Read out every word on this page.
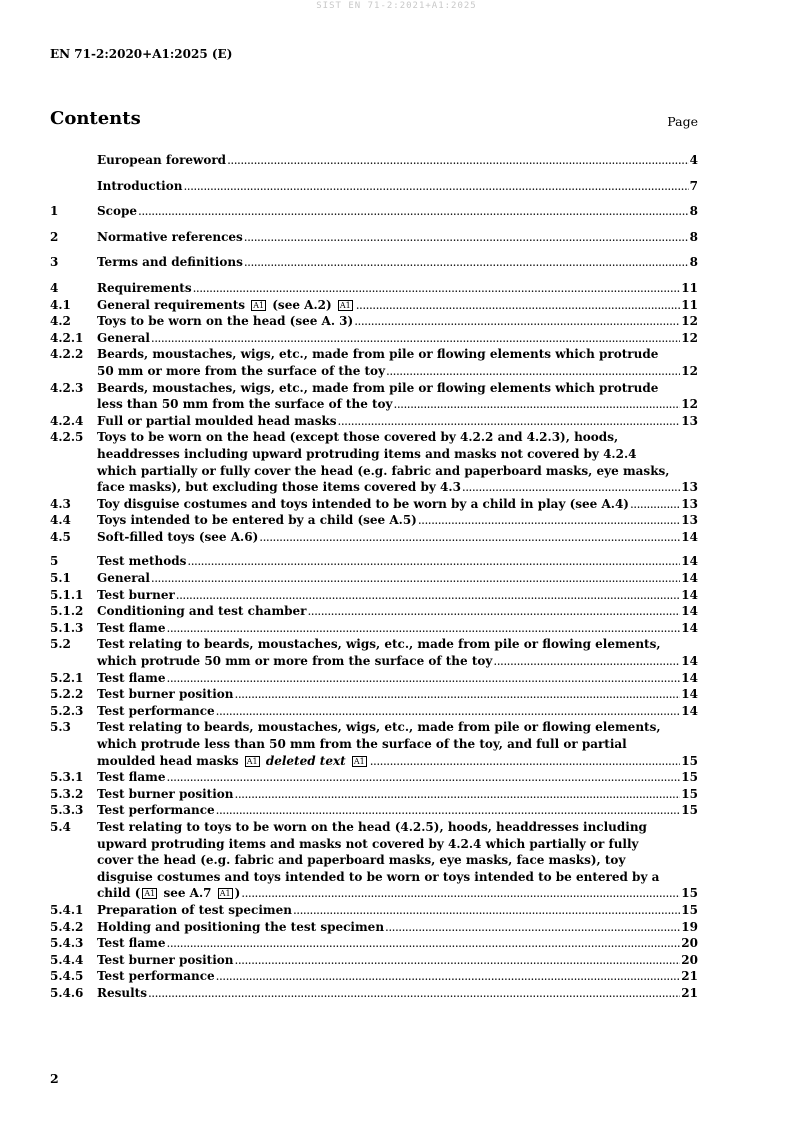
SIST EN 71-2:2021+A1:2025
EN 71-2:2020+A1:2025 (E)
Contents	Page
European foreword .....	4
Introduction .....	7
1	Scope .....	8
2	Normative references .....	8
3	Terms and definitions .....	8
4	Requirements .....	11
4.1	General requirements A1 (see A.2) A1 .....	11
4.2	Toys to be worn on the head (see A. 3) .....	12
4.2.1	General .....	12
4.2.2	Beards, moustaches, wigs, etc., made from pile or flowing elements which protrude
50 mm or more from the surface of the toy .....	12
4.2.3	Beards, moustaches, wigs, etc., made from pile or flowing elements which protrude
less than 50 mm from the surface of the toy .....	12
4.2.4	Full or partial moulded head masks .....	13
4.2.5	Toys to be worn on the head (except those covered by 4.2.2 and 4.2.3), hoods,
headdresses including upward protruding items and masks not covered by 4.2.4
which partially or fully cover the head (e.g. fabric and paperboard masks, eye masks,
face masks), but excluding those items covered by 4.3 .....	13
4.3	Toy disguise costumes and toys intended to be worn by a child in play (see A.4) .....	13
4.4	Toys intended to be entered by a child (see A.5) .....	13
4.5	Soft-filled toys (see A.6) .....	14
5	Test methods .....	14
5.1	General .....	14
5.1.1	Test burner .....	14
5.1.2	Conditioning and test chamber .....	14
5.1.3	Test flame .....	14
5.2	Test relating to beards, moustaches, wigs, etc., made from pile or flowing elements,
which protrude 50 mm or more from the surface of the toy .....	14
5.2.1	Test flame .....	14
5.2.2	Test burner position .....	14
5.2.3	Test performance .....	14
5.3	Test relating to beards, moustaches, wigs, etc., made from pile or flowing elements,
which protrude less than 50 mm from the surface of the toy, and full or partial
moulded head masks A1 deleted text A1 .....	15
5.3.1	Test flame .....	15
5.3.2	Test burner position .....	15
5.3.3	Test performance .....	15
5.4	Test relating to toys to be worn on the head (4.2.5), hoods, headdresses including
upward protruding items and masks not covered by 4.2.4 which partially or fully
cover the head (e.g. fabric and paperboard masks, eye masks, face masks), toy
disguise costumes and toys intended to be worn or toys intended to be entered by a
child ( A1 see A.7 A1 ) .....	15
5.4.1	Preparation of test specimen .....	15
5.4.2	Holding and positioning the test specimen .....	19
5.4.3	Test flame .....	20
5.4.4	Test burner position .....	20
5.4.5	Test performance .....	21
5.4.6	Results .....	21
2
